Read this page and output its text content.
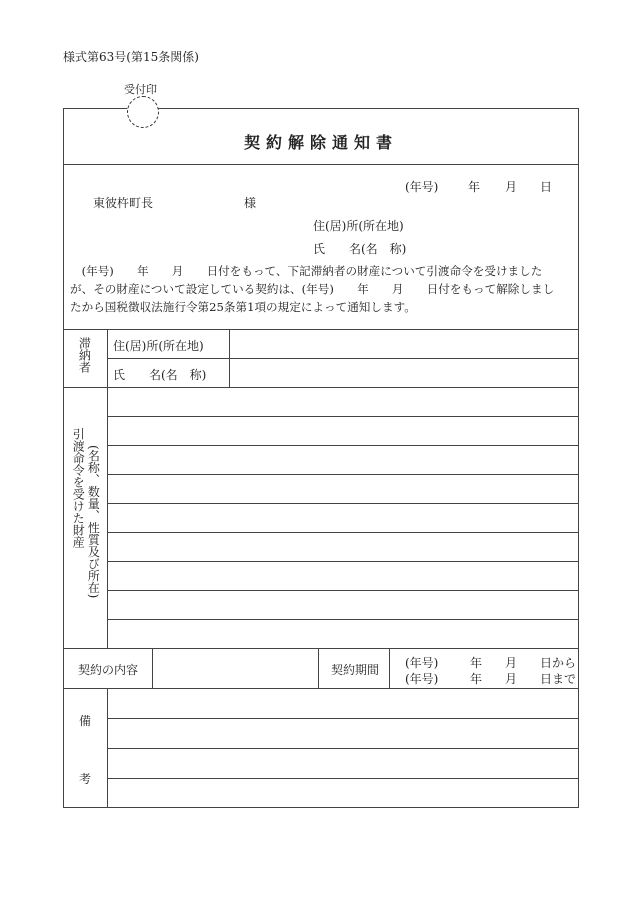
様式第63号(第15条関係)
受付印
契約解除通知書
(年号) 年 月 日
東彼杵町長	様
住(居)所(所在地)
氏　　名(名　称)
　(年号)　　年　　月　　日付をもって、下記滞納者の財産について引渡命令を受けました
が、その財産について設定している契約は、(年号)　　年　　月　　日付をもって解除しまし
たから国税徴収法施行令第25条第1項の規定によって通知します。
滞納者 住(居)所(所在地)
氏　　名(名　称)
(名称、数量、性質及び所在)
引渡命令を受けた財産
契約の内容	契約期間 (年号)	年 月 日から
(年号)	年 月 日まで
備
考
